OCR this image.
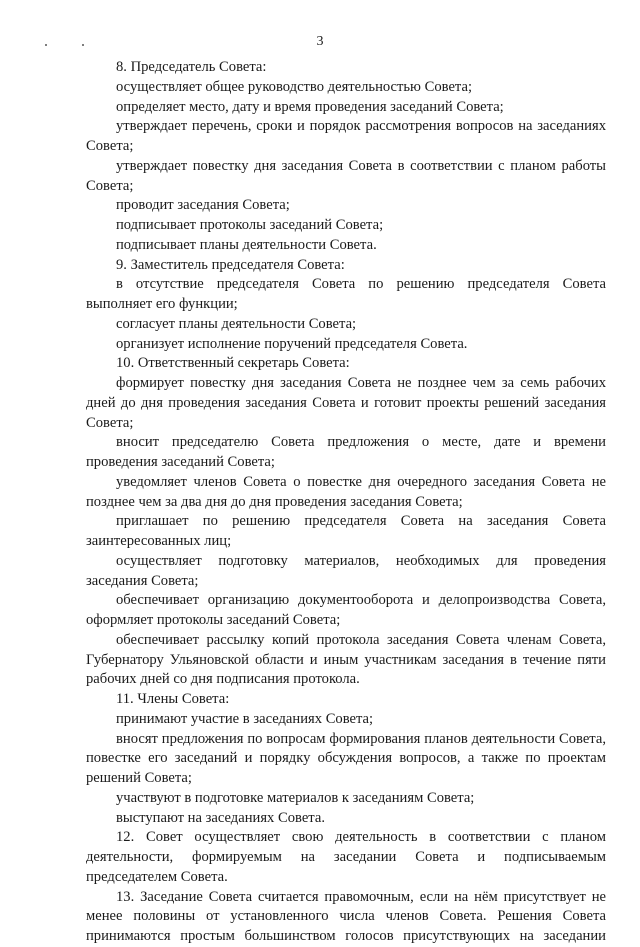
3

8. Председатель Совета:

осуществляет общее руководство деятельностью Совета;

определяет место, дату и время проведения заседаний Совета;

утверждает перечень, сроки и порядок рассмотрения вопросов на заседаниях Совета;

утверждает повестку дня заседания Совета в соответствии с планом работы Совета;

проводит заседания Совета;

подписывает протоколы заседаний Совета;

подписывает планы деятельности Совета.

9. Заместитель председателя Совета:

в отсутствие председателя Совета по решению председателя Совета выполняет его функции;

согласует планы деятельности Совета;

организует исполнение поручений председателя Совета.

10. Ответственный секретарь Совета:

формирует повестку дня заседания Совета не позднее чем за семь рабочих дней до дня проведения заседания Совета и готовит проекты решений заседания Совета;

вносит председателю Совета предложения о месте, дате и времени проведения заседаний Совета;

уведомляет членов Совета о повестке дня очередного заседания Совета не позднее чем за два дня до дня проведения заседания Совета;

приглашает по решению председателя Совета на заседания Совета заинтересованных лиц;

осуществляет подготовку материалов, необходимых для проведения заседания Совета;

обеспечивает организацию документооборота и делопроизводства Совета, оформляет протоколы заседаний Совета;

обеспечивает рассылку копий протокола заседания Совета членам Совета, Губернатору Ульяновской области и иным участникам заседания в течение пяти рабочих дней со дня подписания протокола.

11. Члены Совета:

принимают участие в заседаниях Совета;

вносят предложения по вопросам формирования планов деятельности Совета, повестке его заседаний и порядку обсуждения вопросов, а также по проектам решений Совета;

участвуют в подготовке материалов к заседаниям Совета;

выступают на заседаниях Совета.

12. Совет осуществляет свою деятельность в соответствии с планом деятельности, формируемым на заседании Совета и подписываемым председателем Совета.

13. Заседание Совета считается правомочным, если на нём присутствует не менее половины от установленного числа членов Совета. Решения Совета принимаются простым большинством голосов присутствующих на заседании
